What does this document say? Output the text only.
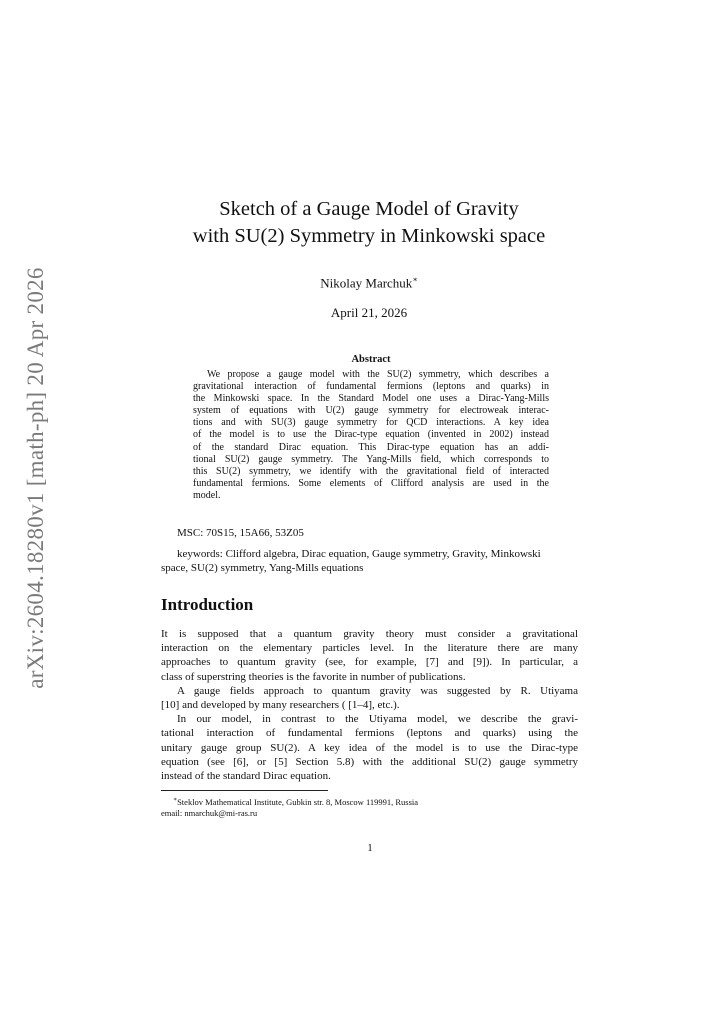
arXiv:2604.18280v1 [math-ph] 20 Apr 2026
Sketch of a Gauge Model of Gravity
with SU(2) Symmetry in Minkowski space
Nikolay Marchuk∗
April 21, 2026
Abstract
We propose a gauge model with the SU(2) symmetry, which describes a
gravitational interaction of fundamental fermions (leptons and quarks) in
the Minkowski space. In the Standard Model one uses a Dirac-Yang-Mills
system of equations with U(2) gauge symmetry for electroweak interac-
tions and with SU(3) gauge symmetry for QCD interactions. A key idea
of the model is to use the Dirac-type equation (invented in 2002) instead
of the standard Dirac equation. This Dirac-type equation has an addi-
tional SU(2) gauge symmetry. The Yang-Mills field, which corresponds to
this SU(2) symmetry, we identify with the gravitational field of interacted
fundamental fermions. Some elements of Clifford analysis are used in the
model.
MSC: 70S15, 15A66, 53Z05
keywords: Clifford algebra, Dirac equation, Gauge symmetry, Gravity, Minkowski
space, SU(2) symmetry, Yang-Mills equations
Introduction
It is supposed that a quantum gravity theory must consider a gravitational
interaction on the elementary particles level. In the literature there are many
approaches to quantum gravity (see, for example, [7] and [9]). In particular, a
class of superstring theories is the favorite in number of publications.
A gauge fields approach to quantum gravity was suggested by R. Utiyama
[10] and developed by many researchers ( [1–4], etc.).
In our model, in contrast to the Utiyama model, we describe the gravi-
tational interaction of fundamental fermions (leptons and quarks) using the
unitary gauge group SU(2). A key idea of the model is to use the Dirac-type
equation (see [6], or [5] Section 5.8) with the additional SU(2) gauge symmetry
instead of the standard Dirac equation.
∗Steklov Mathematical Institute, Gubkin str. 8, Moscow 119991, Russia
email: nmarchuk@mi-ras.ru
1
